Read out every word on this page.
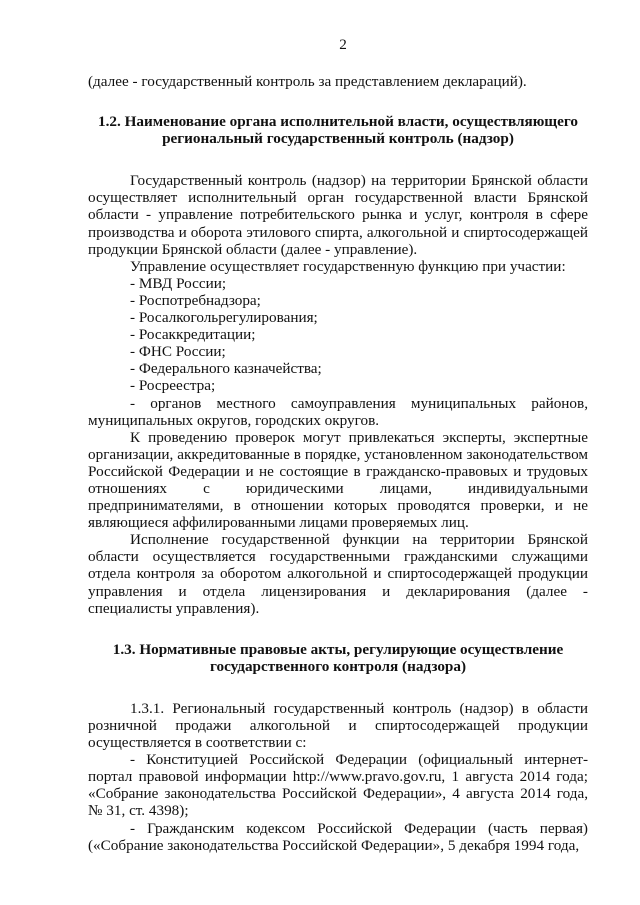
2

(далее - государственный контроль за представлением деклараций).

1.2. Наименование органа исполнительной власти, осуществляющего
региональный государственный контроль (надзор)

Государственный контроль (надзор) на территории Брянской области осуществляет исполнительный орган государственной власти Брянской области - управление потребительского рынка и услуг, контроля в сфере производства и оборота этилового спирта, алкогольной и спиртосодержащей продукции Брянской области (далее - управление).

Управление осуществляет государственную функцию при участии:

- МВД России;

- Роспотребнадзора;

- Росалкогольрегулирования;

- Росаккредитации;

- ФНС России;

- Федерального казначейства;

- Росреестра;

- органов местного самоуправления муниципальных районов, муниципальных округов, городских округов.

К проведению проверок могут привлекаться эксперты, экспертные организации, аккредитованные в порядке, установленном законодательством Российской Федерации и не состоящие в гражданско-правовых и трудовых отношениях с юридическими лицами, индивидуальными предпринимателями, в отношении которых проводятся проверки, и не являющиеся аффилированными лицами проверяемых лиц.

Исполнение государственной функции на территории Брянской области осуществляется государственными гражданскими служащими отдела контроля за оборотом алкогольной и спиртосодержащей продукции управления и отдела лицензирования и декларирования (далее - специалисты управления).

1.3. Нормативные правовые акты, регулирующие осуществление
государственного контроля (надзора)

1.3.1. Региональный государственный контроль (надзор) в области розничной продажи алкогольной и спиртосодержащей продукции осуществляется в соответствии с:

- Конституцией Российской Федерации (официальный интернет-портал правовой информации http://www.pravo.gov.ru, 1 августа 2014 года; «Собрание законодательства Российской Федерации», 4 августа 2014 года, № 31, ст. 4398);

- Гражданским кодексом Российской Федерации (часть первая) («Собрание законодательства Российской Федерации», 5 декабря 1994 года,
